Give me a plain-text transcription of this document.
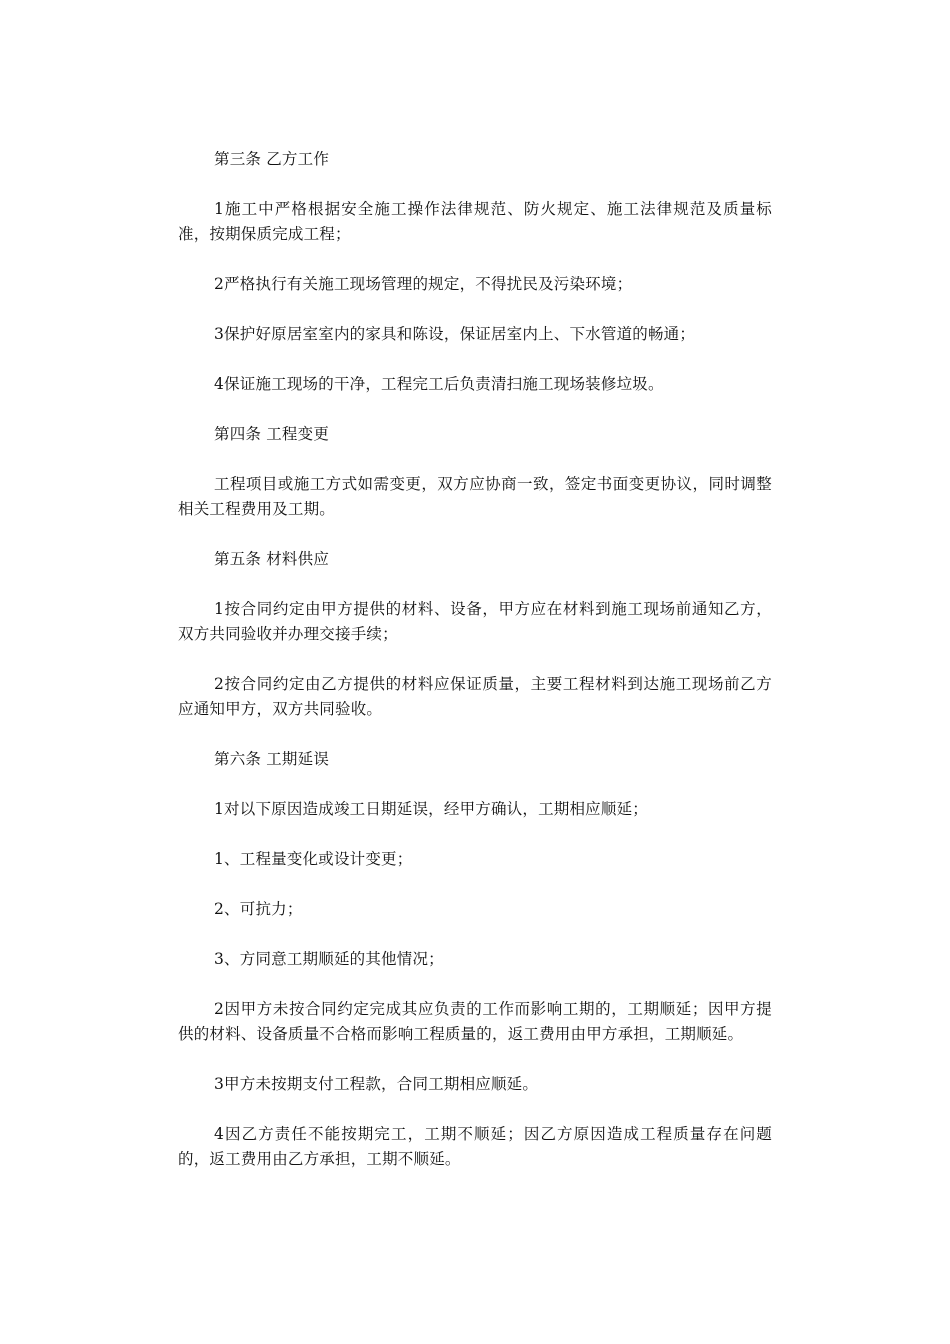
第三条 乙方工作

1施工中严格根据安全施工操作法律规范、防火规定、施工法律规范及质量标准，按期保质完成工程；

2严格执行有关施工现场管理的规定，不得扰民及污染环境；

3保护好原居室室内的家具和陈设，保证居室内上、下水管道的畅通；

4保证施工现场的干净，工程完工后负责清扫施工现场装修垃圾。

第四条 工程变更

工程项目或施工方式如需变更，双方应协商一致，签定书面变更协议，同时调整相关工程费用及工期。

第五条 材料供应

1按合同约定由甲方提供的材料、设备，甲方应在材料到施工现场前通知乙方，双方共同验收并办理交接手续；

2按合同约定由乙方提供的材料应保证质量，主要工程材料到达施工现场前乙方应通知甲方，双方共同验收。

第六条 工期延误

1对以下原因造成竣工日期延误，经甲方确认，工期相应顺延；

1、工程量变化或设计变更；

2、可抗力；

3、方同意工期顺延的其他情况；

2因甲方未按合同约定完成其应负责的工作而影响工期的，工期顺延；因甲方提供的材料、设备质量不合格而影响工程质量的，返工费用由甲方承担，工期顺延。

3甲方未按期支付工程款，合同工期相应顺延。

4因乙方责任不能按期完工，工期不顺延；因乙方原因造成工程质量存在问题的，返工费用由乙方承担，工期不顺延。
